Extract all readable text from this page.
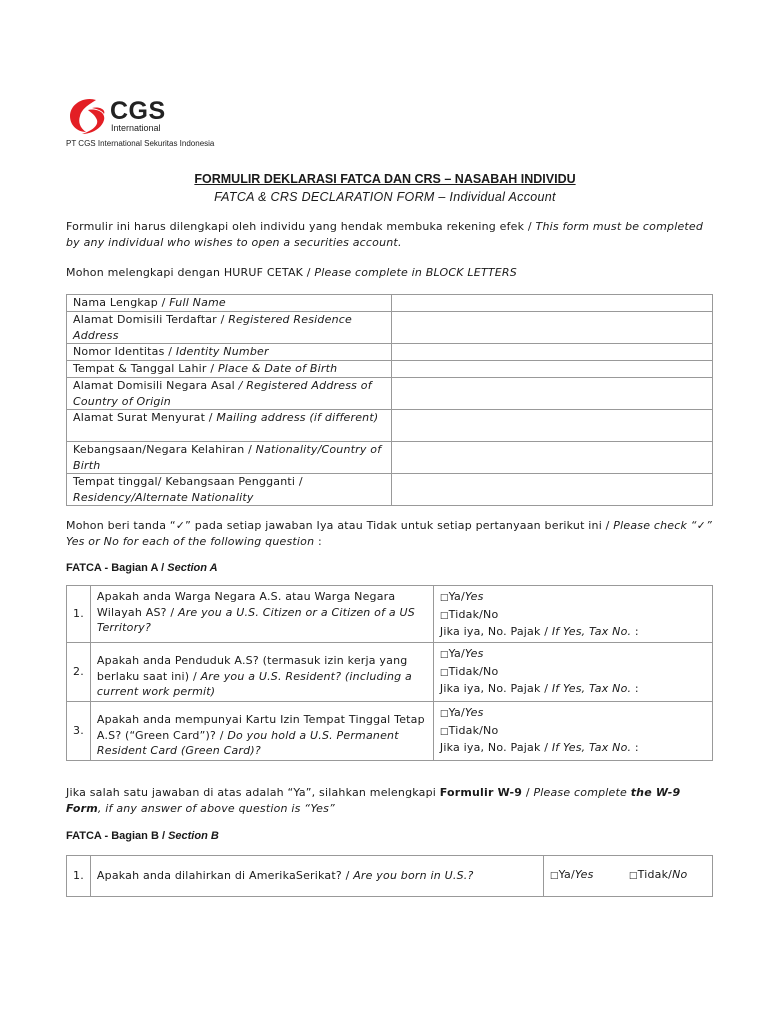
CGS
International
PT CGS International Sekuritas Indonesia
FORMULIR DEKLARASI FATCA DAN CRS – NASABAH INDIVIDU
FATCA & CRS DECLARATION FORM – Individual Account
Formulir ini harus dilengkapi oleh individu yang hendak membuka rekening efek / This form must be completed by any individual who wishes to open a securities account.
Mohon melengkapi dengan HURUF CETAK / Please complete in BLOCK LETTERS
Nama Lengkap / Full Name	
Alamat Domisili Terdaftar / Registered Residence Address	
Nomor Identitas / Identity Number	
Tempat & Tanggal Lahir / Place & Date of Birth	
Alamat Domisili Negara Asal / Registered Address of Country of Origin	
Alamat Surat Menyurat / Mailing address (if different)	
Kebangsaan/Negara Kelahiran / Nationality/Country of Birth	
Tempat tinggal/ Kebangsaan Pengganti / Residency/Alternate Nationality	
Mohon beri tanda “✓” pada setiap jawaban Iya atau Tidak untuk setiap pertanyaan berikut ini / Please check “✓” Yes or No for each of the following question :
FATCA - Bagian A / Section A
1.	Apakah anda Warga Negara A.S. atau Warga Negara Wilayah AS? / Are you a U.S. Citizen or a Citizen of a US Territory?	□Ya/Yes
□Tidak/No
Jika iya, No. Pajak / If Yes, Tax No. :

2.	Apakah anda Penduduk A.S? (termasuk izin kerja yang berlaku saat ini) / Are you a U.S. Resident? (including a current work permit)	□Ya/Yes
□Tidak/No
Jika iya, No. Pajak / If Yes, Tax No. :

3.	Apakah anda mempunyai Kartu Izin Tempat Tinggal Tetap A.S? (“Green Card”)? / Do you hold a U.S. Permanent Resident Card (Green Card)?	□Ya/Yes
□Tidak/No
Jika iya, No. Pajak / If Yes, Tax No. :
Jika salah satu jawaban di atas adalah “Ya”, silahkan melengkapi Formulir W-9 / Please complete the W-9 Form, if any answer of above question is “Yes”
FATCA - Bagian B / Section B
1.	Apakah anda dilahirkan di AmerikaSerikat? / Are you born in U.S.?	□Ya/Yes	□Tidak/No
